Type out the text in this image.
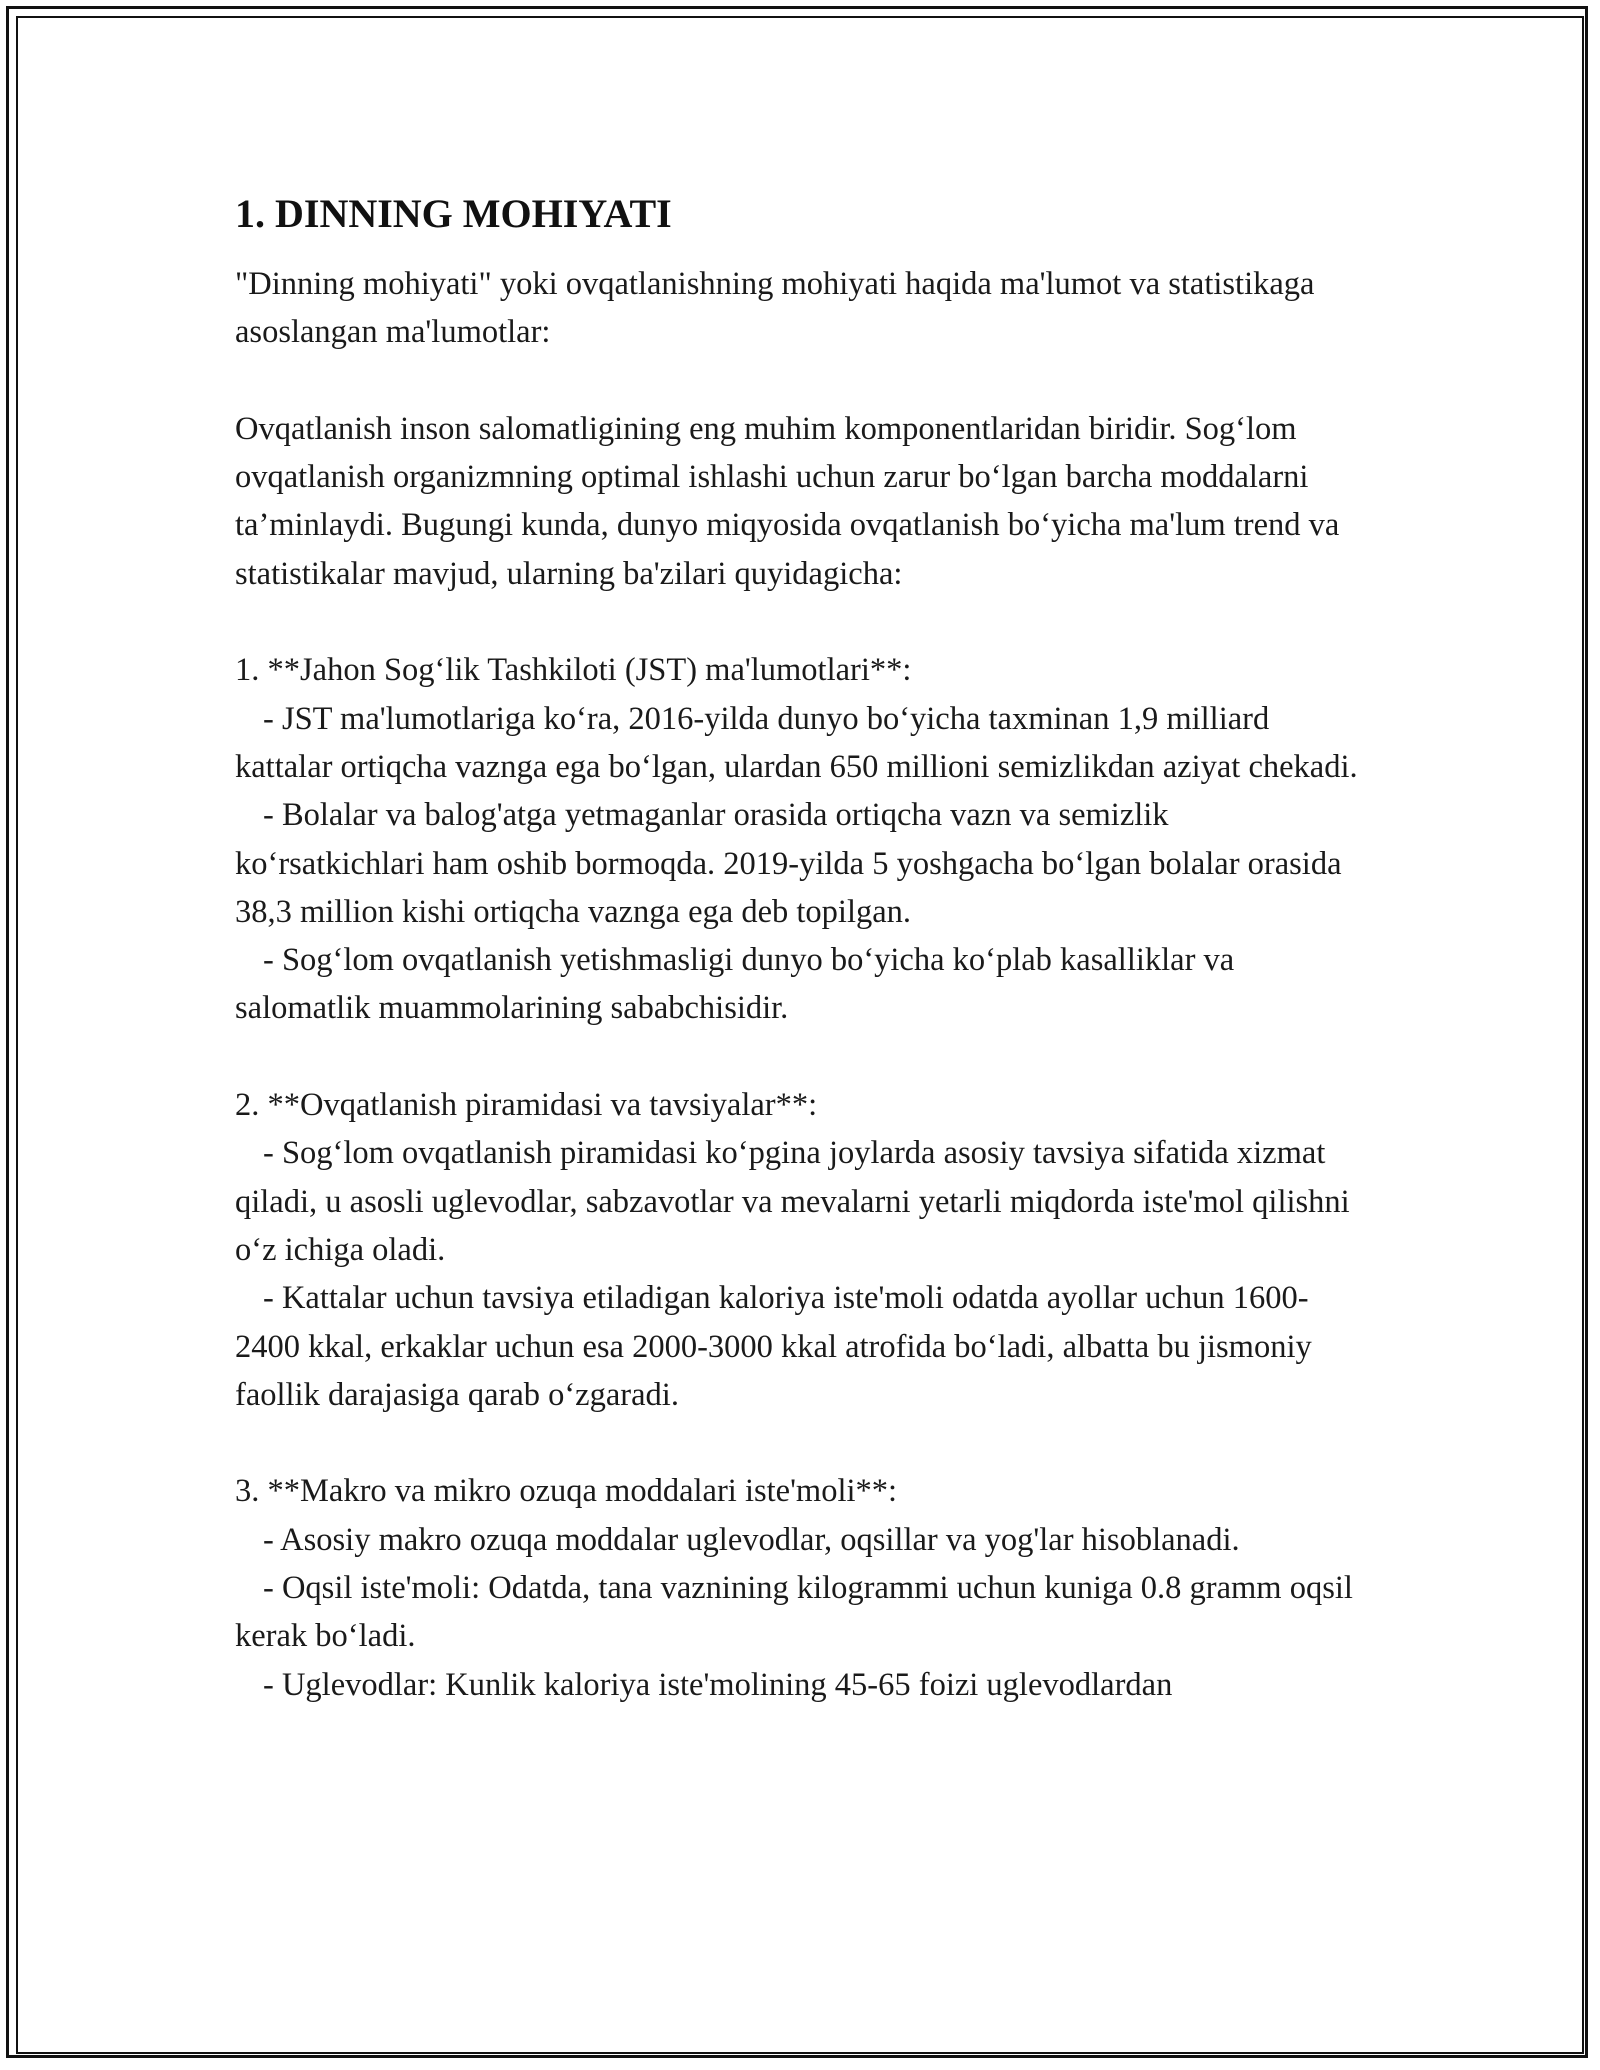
1. DINNING MOHIYATI

"Dinning mohiyati" yoki ovqatlanishning mohiyati haqida ma'lumot va statistikaga asoslangan ma'lumotlar:

Ovqatlanish inson salomatligining eng muhim komponentlaridan biridir. Sog‘lom ovqatlanish organizmning optimal ishlashi uchun zarur bo‘lgan barcha moddalarni ta’minlaydi. Bugungi kunda, dunyo miqyosida ovqatlanish bo‘yicha ma'lum trend va statistikalar mavjud, ularning ba'zilari quyidagicha:

1. **Jahon Sog‘lik Tashkiloti (JST) ma'lumotlari**:

- JST ma'lumotlariga ko‘ra, 2016-yilda dunyo bo‘yicha taxminan 1,9 milliard kattalar ortiqcha vaznga ega bo‘lgan, ulardan 650 millioni semizlikdan aziyat chekadi.

- Bolalar va balog'atga yetmaganlar orasida ortiqcha vazn va semizlik ko‘rsatkichlari ham oshib bormoqda. 2019-yilda 5 yoshgacha bo‘lgan bolalar orasida 38,3 million kishi ortiqcha vaznga ega deb topilgan.

- Sog‘lom ovqatlanish yetishmasligi dunyo bo‘yicha ko‘plab kasalliklar va salomatlik muammolarining sababchisidir.

2. **Ovqatlanish piramidasi va tavsiyalar**:

- Sog‘lom ovqatlanish piramidasi ko‘pgina joylarda asosiy tavsiya sifatida xizmat qiladi, u asosli uglevodlar, sabzavotlar va mevalarni yetarli miqdorda iste'mol qilishni o‘z ichiga oladi.

- Kattalar uchun tavsiya etiladigan kaloriya iste'moli odatda ayollar uchun 1600-2400 kkal, erkaklar uchun esa 2000-3000 kkal atrofida bo‘ladi, albatta bu jismoniy faollik darajasiga qarab o‘zgaradi.

3. **Makro va mikro ozuqa moddalari iste'moli**:

- Asosiy makro ozuqa moddalar uglevodlar, oqsillar va yog'lar hisoblanadi.

- Oqsil iste'moli: Odatda, tana vaznining kilogrammi uchun kuniga 0.8 gramm oqsil kerak bo‘ladi.

- Uglevodlar: Kunlik kaloriya iste'molining 45-65 foizi uglevodlardan
